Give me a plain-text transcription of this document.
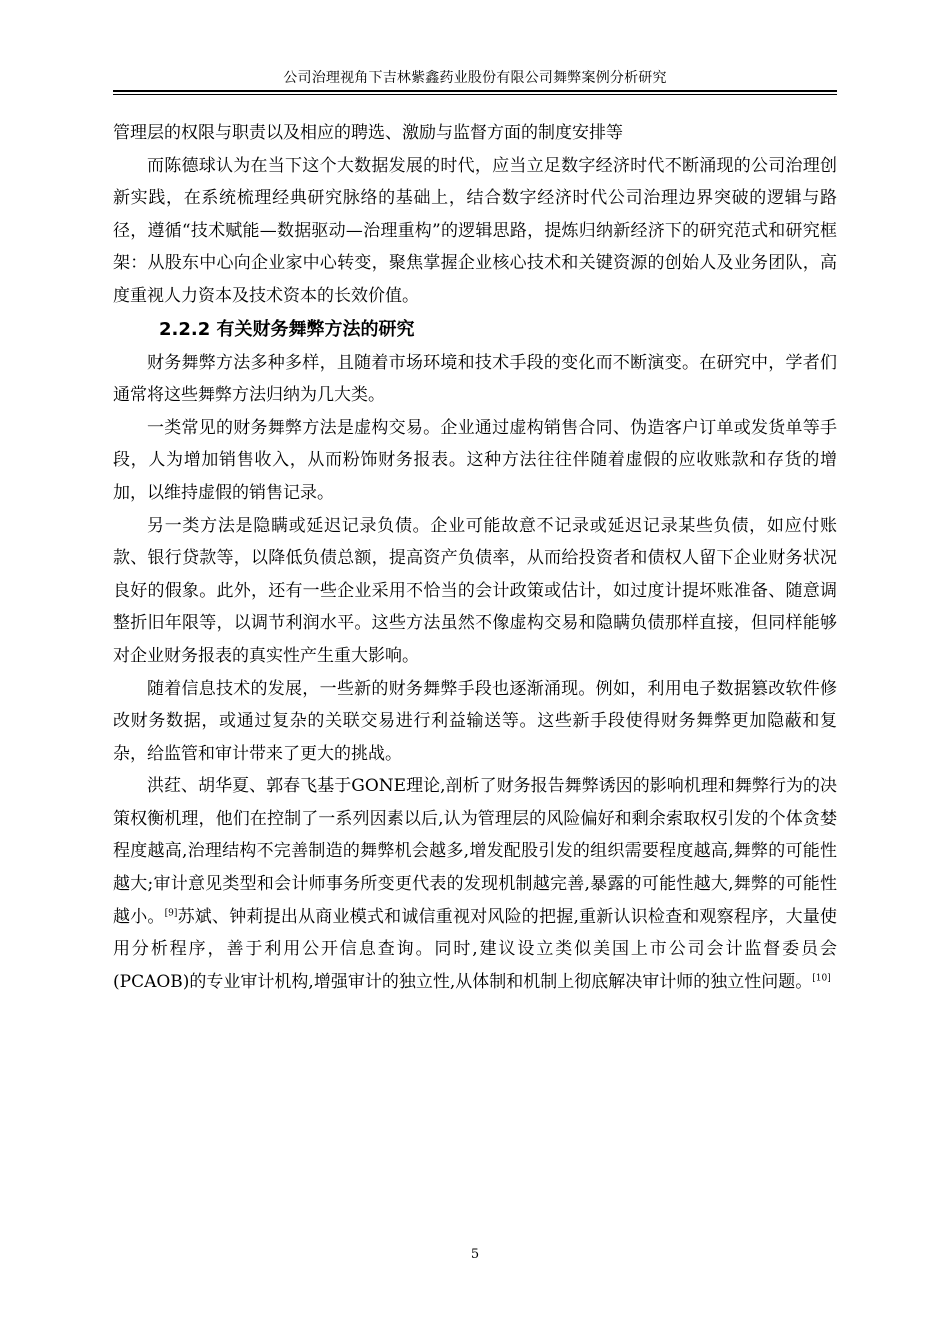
公司治理视角下吉林紫鑫药业股份有限公司舞弊案例分析研究

管理层的权限与职责以及相应的聘选、激励与监督方面的制度安排等

而陈德球认为在当下这个大数据发展的时代，应当立足数字经济时代不断涌现的公司治理创新实践，在系统梳理经典研究脉络的基础上，结合数字经济时代公司治理边界突破的逻辑与路径，遵循“技术赋能—数据驱动—治理重构”的逻辑思路，提炼归纳新经济下的研究范式和研究框架：从股东中心向企业家中心转变，聚焦掌握企业核心技术和关键资源的创始人及业务团队，高度重视人力资本及技术资本的长效价值。

2.2.2 有关财务舞弊方法的研究

财务舞弊方法多种多样，且随着市场环境和技术手段的变化而不断演变。在研究中，学者们通常将这些舞弊方法归纳为几大类。

一类常见的财务舞弊方法是虚构交易。企业通过虚构销售合同、伪造客户订单或发货单等手段，人为增加销售收入，从而粉饰财务报表。这种方法往往伴随着虚假的应收账款和存货的增加，以维持虚假的销售记录。

另一类方法是隐瞒或延迟记录负债。企业可能故意不记录或延迟记录某些负债，如应付账款、银行贷款等，以降低负债总额，提高资产负债率，从而给投资者和债权人留下企业财务状况良好的假象。此外，还有一些企业采用不恰当的会计政策或估计，如过度计提坏账准备、随意调整折旧年限等，以调节利润水平。这些方法虽然不像虚构交易和隐瞒负债那样直接，但同样能够对企业财务报表的真实性产生重大影响。

随着信息技术的发展，一些新的财务舞弊手段也逐渐涌现。例如，利用电子数据篡改软件修改财务数据，或通过复杂的关联交易进行利益输送等。这些新手段使得财务舞弊更加隐蔽和复杂，给监管和审计带来了更大的挑战。

洪荭、胡华夏、郭春飞基于GONE理论,剖析了财务报告舞弊诱因的影响机理和舞弊行为的决策权衡机理，他们在控制了一系列因素以后,认为管理层的风险偏好和剩余索取权引发的个体贪婪程度越高,治理结构不完善制造的舞弊机会越多,增发配股引发的组织需要程度越高,舞弊的可能性越大;审计意见类型和会计师事务所变更代表的发现机制越完善,暴露的可能性越大,舞弊的可能性越小。[9]苏斌、钟莉提出从商业模式和诚信重视对风险的把握,重新认识检查和观察程序，大量使用分析程序，善于利用公开信息查询。同时,建议设立类似美国上市公司会计监督委员会(PCAOB)的专业审计机构,增强审计的独立性,从体制和机制上彻底解决审计师的独立性问题。[10]

5
